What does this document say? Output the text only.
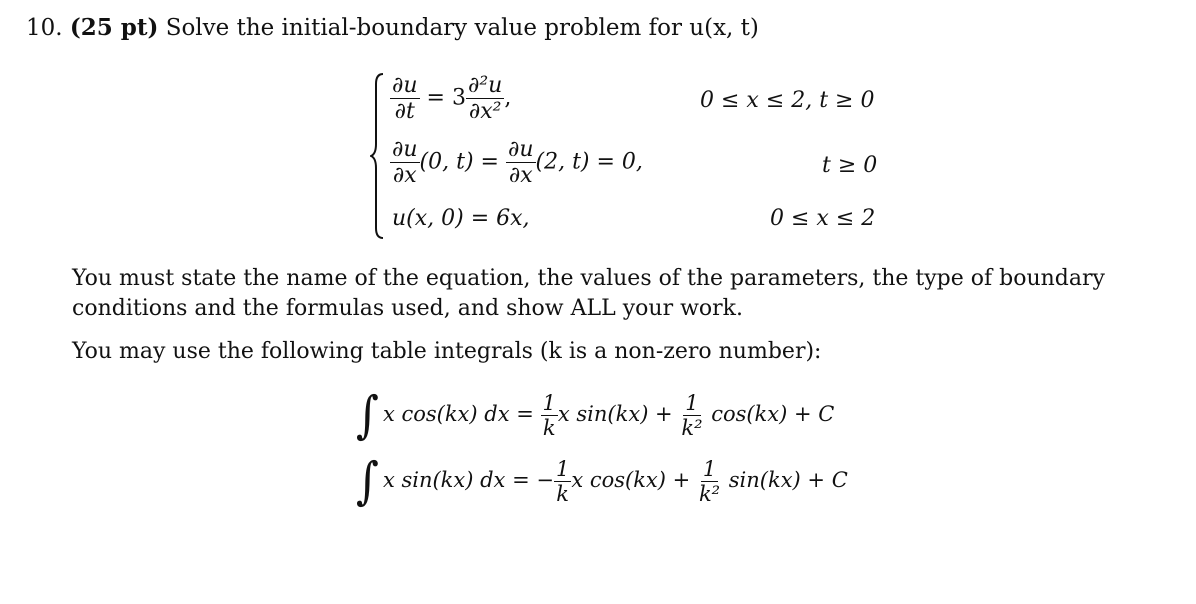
10. (25 pt) Solve the initial-boundary value problem for u(x, t)
$\frac{\partial u}{\partial t} = 3 \frac{\text{∂²u}}{\text{∂x²}}$ ,	0 ≤ x ≤ 2, t ≥ 0
$\frac{\partial u}{\partial x} (0$, $t) = \frac{\partial u}{\partial x} (2$, t) = 0,	t ≥ 0
u(x, 0) = 6x,	0 ≤ x ≤ 2
You must state the name of the equation, the values of the parameters, the type of boundary
conditions and the formulas used, and show ALL your work.
You may use the following table integrals (k is a non-zero number):
∫ x cos(kx) dx = $\frac{1}{k}$ x $\sin(kx) + \frac{1}{\text{k²}} \cos(kx) + C$
∫ x sin(kx) dx = − $\frac{1}{k}$ x $\cos(kx) + \frac{1}{\text{k²}} \sin(kx) + C$
